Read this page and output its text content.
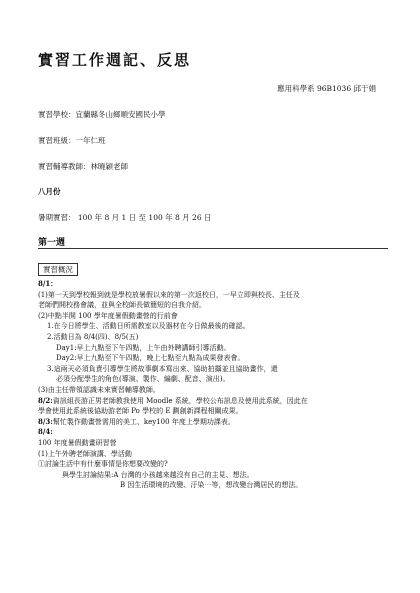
實習工作週記、反思
應用科學系 96B1036 邱于娟
實習學校：宜蘭縣冬山鄉順安國民小學
實習班級：一年仁班
實習輔導教師：林曉穎老師
八月份
暑期實習： 100 年 8 月 1 日 至 100 年 8 月 26 日
第一週
實習概況
8/1：
(1)第一天到學校報到就是學校放暑假以來的第一次返校日，一早立即與校長、主任及
老師們開校務會議，並與全校師長做簡短的自我介紹。
(2)中點半開 100 學年度暑假動畫營的行前會
1.在今日將學生、活動日所需教室以及器材在今日做最後的確認。
2.活動日為 8/4(四)、8/5(五)
Day1:早上九點至下午四點，上午由外聘講師引導活動。
Day2:早上九點至下午四點，晚上七點至九點為成果發表會。
3.這兩天必須負責引導學生將故事劇本寫出來、協助拍攝並且協助畫作，還
必須分配學生的角色(導演、製作、編劇、配音、演出)。
(3)由主任帶領認識未來實習輔導教師。
8/2:資訊組長游正男老師教我使用 Moodle 系統，學校公布訊息及使用此系統，因此在
學會使用此系統後協助游老師 Po 學校的 E 劃創新課程相關成果。
8/3:幫忙製作動畫營需用的美工、key100 年度上學期功課表。
8/4:
100 年度暑假動畫研習營
(1)上午外聘老師演講、學活動
①討論生活中有什麼事情是你想要改變的?
與學生討論結果:A 台灣的小孩越來越沒有自己的主見、想法。
B 因生活環境的改變、汙染⋯等，想改變台灣居民的想法。
